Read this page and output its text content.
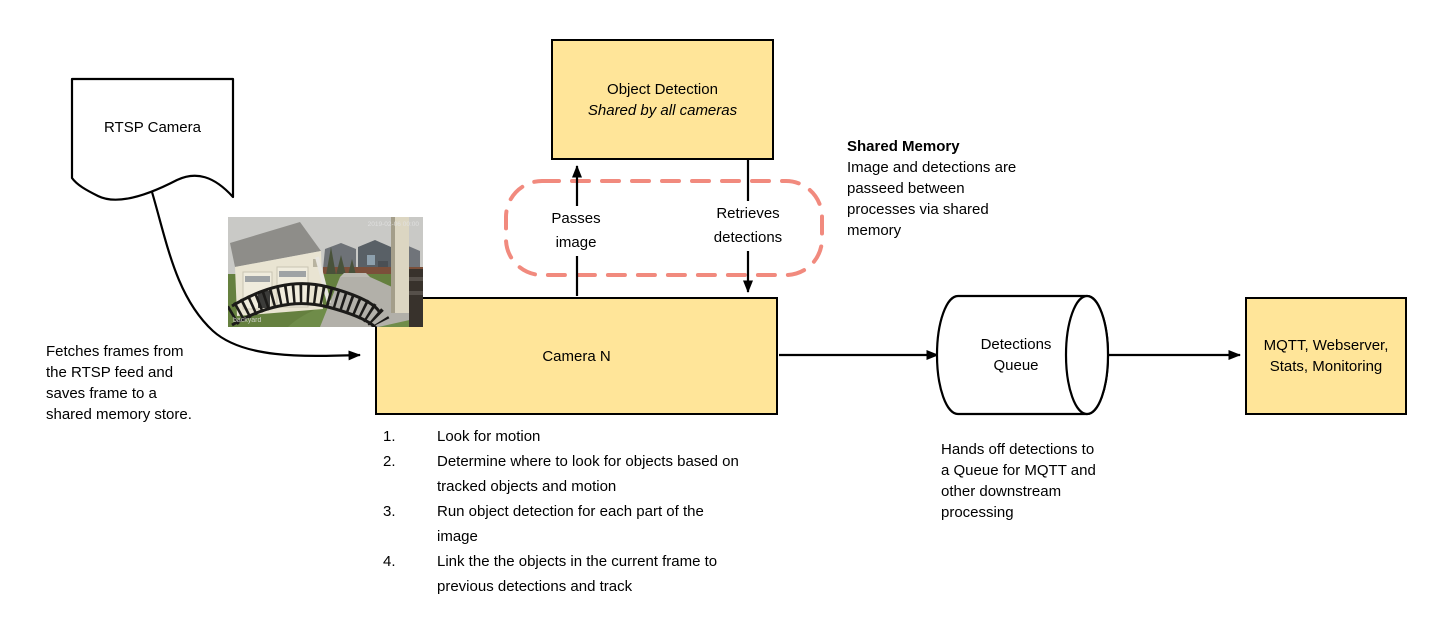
RTSP Camera
Fetches frames from the RTSP feed and saves frame to a shared memory store.
Object Detection
Shared by all cameras
Passes image
Retrieves detections
Shared Memory
Image and detections are passeed between processes via shared memory
Camera N
2019-02-06 00:00
backyard
1.	Look for motion
2.	Determine where to look for objects based on tracked objects and motion
3.	Run object detection for each part of the image
4.	Link the the objects in the current frame to previous detections and track
Detections Queue
Hands off detections to a Queue for MQTT and other downstream processing
MQTT, Webserver, Stats, Monitoring
